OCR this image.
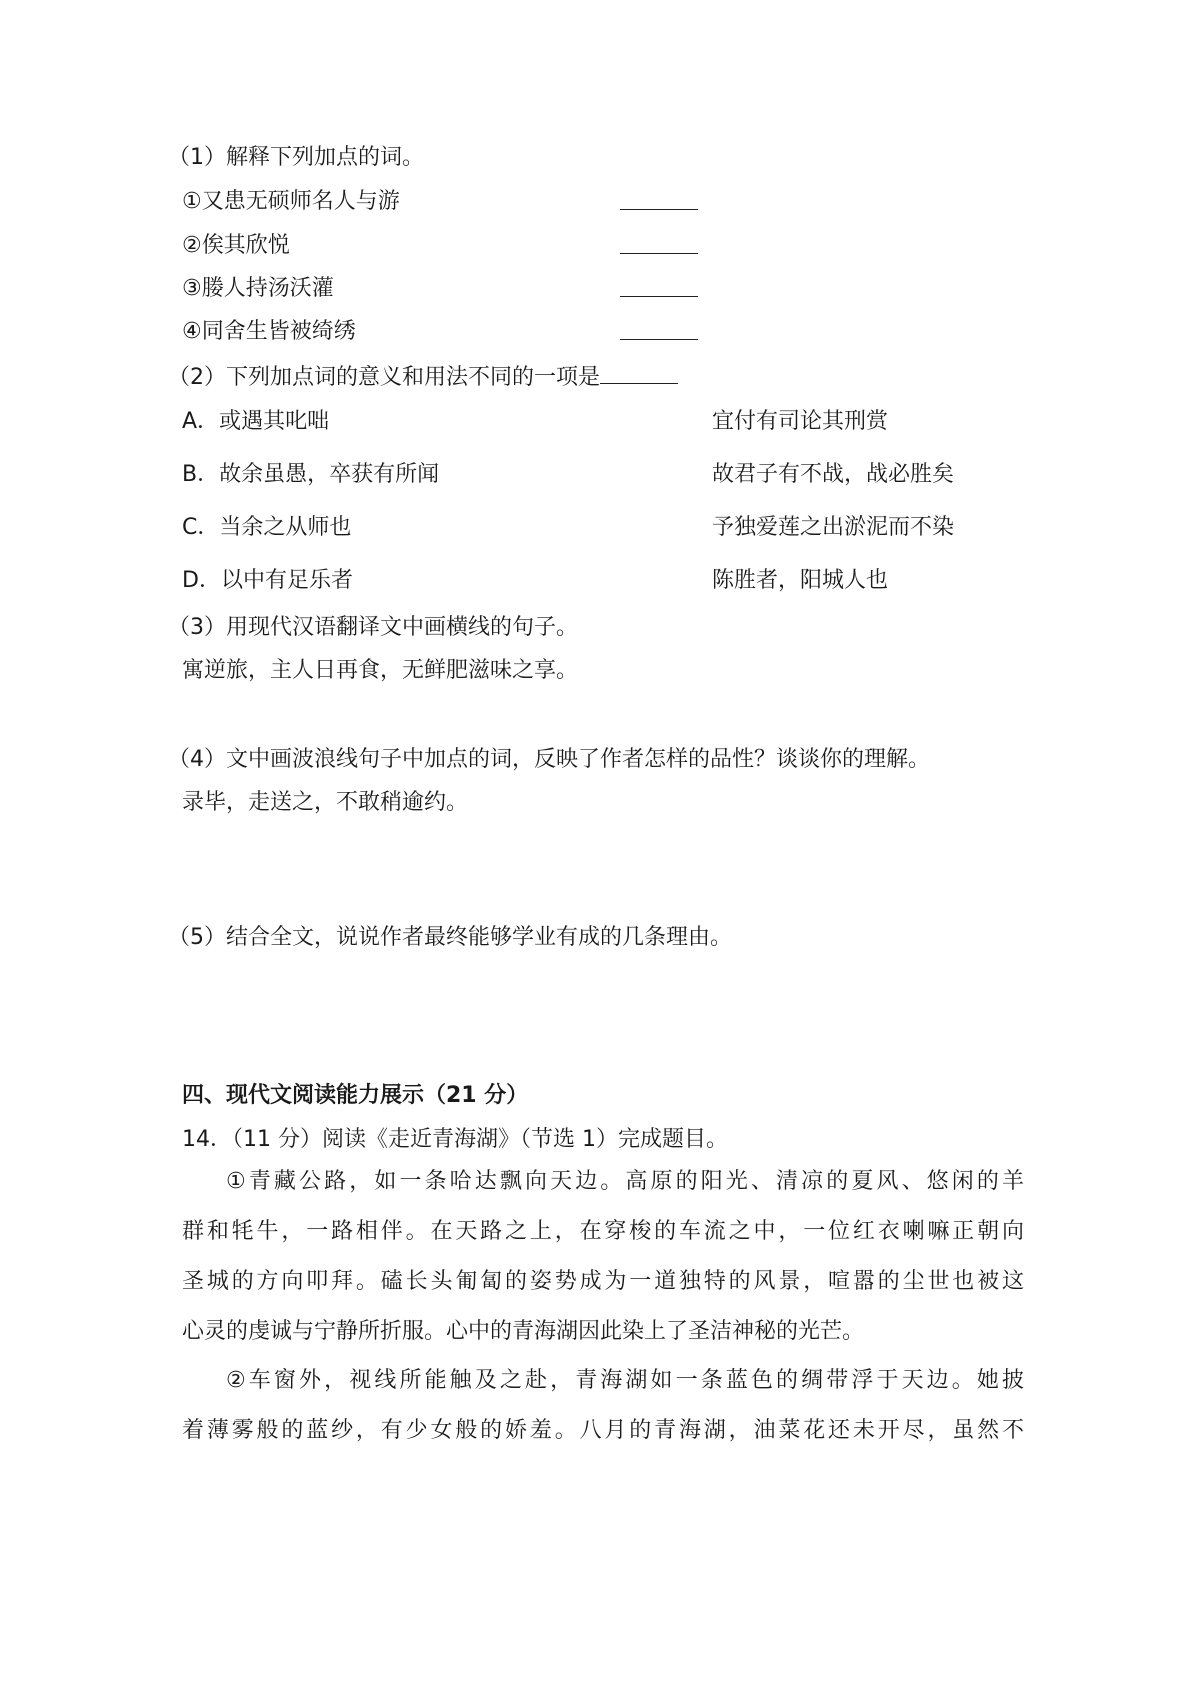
（1）解释下列加点的词。
①又患无硕师名人与游
②俟其欣悦
③媵人持汤沃灌
④同舍生皆被绮绣
（2）下列加点词的意义和用法不同的一项是
A．或遇其叱咄	宜付有司论其刑赏
B．故余虽愚，卒获有所闻	故君子有不战，战必胜矣
C．当余之从师也	予独爱莲之出淤泥而不染
D．以中有足乐者	陈胜者，阳城人也
（3）用现代汉语翻译文中画横线的句子。
寓逆旅，主人日再食，无鲜肥滋味之享。
（4）文中画波浪线句子中加点的词，反映了作者怎样的品性？谈谈你的理解。
录毕，走送之，不敢稍逾约。
（5）结合全文，说说作者最终能够学业有成的几条理由。
四、现代文阅读能力展示（21 分）
14．（11 分）阅读《走近青海湖》（节选 1）完成题目。
①青藏公路，如一条哈达飘向天边。高原的阳光、清凉的夏风、悠闲的羊
群和牦牛，一路相伴。在天路之上，在穿梭的车流之中，一位红衣喇嘛正朝向
圣城的方向叩拜。磕长头匍匐的姿势成为一道独特的风景，喧嚣的尘世也被这
心灵的虔诚与宁静所折服。心中的青海湖因此染上了圣洁神秘的光芒。
②车窗外，视线所能触及之赴，青海湖如一条蓝色的绸带浮于天边。她披
着薄雾般的蓝纱，有少女般的娇羞。八月的青海湖，油菜花还未开尽，虽然不
